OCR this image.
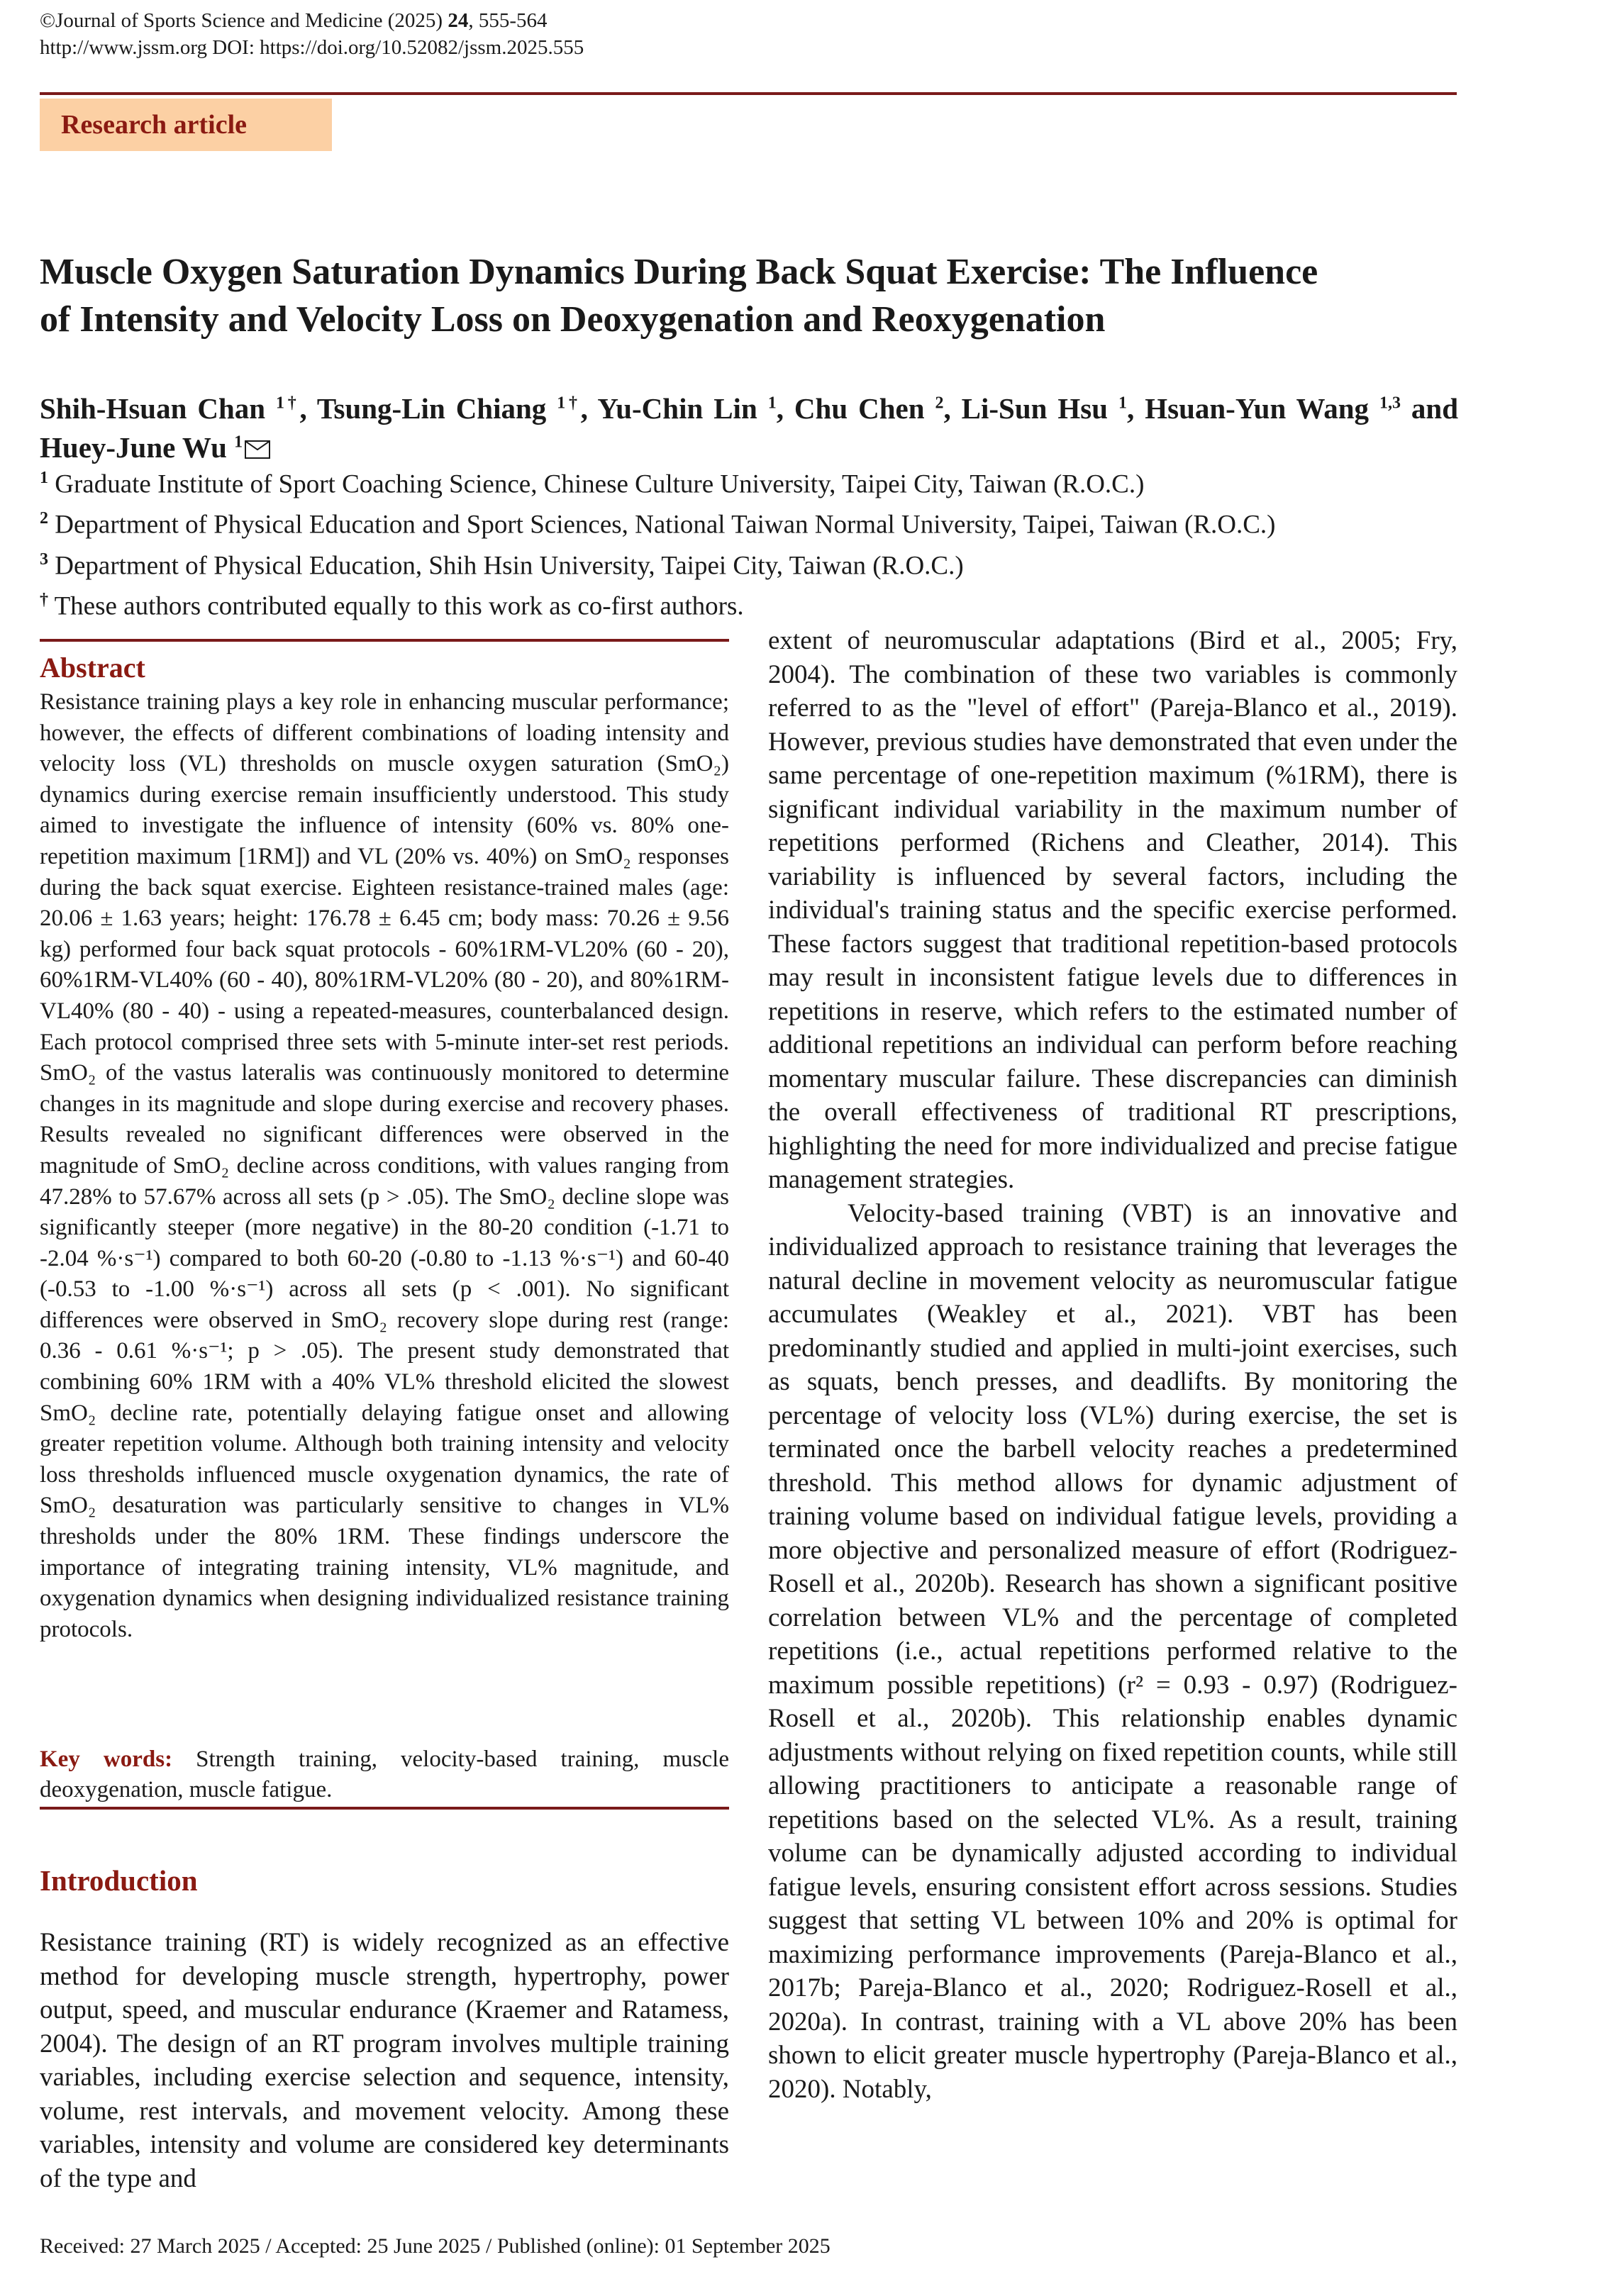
©Journal of Sports Science and Medicine (2025) 24, 555-564
http://www.jssm.org DOI: https://doi.org/10.52082/jssm.2025.555
Research article
Muscle Oxygen Saturation Dynamics During Back Squat Exercise: The Influence
of Intensity and Velocity Loss on Deoxygenation and Reoxygenation
Shih-Hsuan Chan $^{1\dagger}$, Tsung-Lin Chiang $^{1\dagger}$, Yu-Chin Lin $^1$, Chu Chen $^2$, Li-Sun Hsu $^1$, Hsuan-Yun Wang $^{1,3}$ and Huey-June Wu $^1$
$^1$ Graduate Institute of Sport Coaching Science, Chinese Culture University, Taipei City, Taiwan (R.O.C.)
$^2$ Department of Physical Education and Sport Sciences, National Taiwan Normal University, Taipei, Taiwan (R.O.C.)
$^3$ Department of Physical Education, Shih Hsin University, Taipei City, Taiwan (R.O.C.)
† These authors contributed equally to this work as co-first authors.
Abstract

Resistance training plays a key role in enhancing muscular performance; however, the effects of different combinations of loading intensity and velocity loss (VL) thresholds on muscle oxygen saturation (SmO₂) dynamics during exercise remain insufficiently understood. This study aimed to investigate the influence of intensity (60% vs. 80% one-repetition maximum [1RM]) and VL (20% vs. 40%) on SmO₂ responses during the back squat exercise. Eighteen resistance-trained males (age: 20.06 ± 1.63 years; height: 176.78 ± 6.45 cm; body mass: 70.26 ± 9.56 kg) performed four back squat protocols - 60%1RM-VL20% (60 - 20), 60%1RM-VL40% (60 - 40), 80%1RM-VL20% (80 - 20), and 80%1RM-VL40% (80 - 40) - using a repeated-measures, counterbalanced design. Each protocol comprised three sets with 5-minute inter-set rest periods. SmO₂ of the vastus lateralis was continuously monitored to determine changes in its magnitude and slope during exercise and recovery phases. Results revealed no significant differences were observed in the magnitude of SmO₂ decline across conditions, with values ranging from 47.28% to 57.67% across all sets (p > .05). The SmO₂ decline slope was significantly steeper (more negative) in the 80-20 condition (-1.71 to -2.04 %·s⁻¹) compared to both 60-20 (-0.80 to -1.13 %·s⁻¹) and 60-40 (-0.53 to -1.00 %·s⁻¹) across all sets (p < .001). No significant differences were observed in SmO₂ recovery slope during rest (range: 0.36 - 0.61 %·s⁻¹; p > .05). The present study demonstrated that combining 60% 1RM with a 40% VL% threshold elicited the slowest SmO₂ decline rate, potentially delaying fatigue onset and allowing greater repetition volume. Although both training intensity and velocity loss thresholds influenced muscle oxygenation dynamics, the rate of SmO₂ desaturation was particularly sensitive to changes in VL% thresholds under the 80% 1RM. These findings underscore the importance of integrating training intensity, VL% magnitude, and oxygenation dynamics when designing individualized resistance training protocols.

Key words: Strength training, velocity-based training, muscle deoxygenation, muscle fatigue.
Introduction

Resistance training (RT) is widely recognized as an effective method for developing muscle strength, hypertrophy, power output, speed, and muscular endurance (Kraemer and Ratamess, 2004). The design of an RT program involves multiple training variables, including exercise selection and sequence, intensity, volume, rest intervals, and movement velocity. Among these variables, intensity and volume are considered key determinants of the type and

extent of neuromuscular adaptations (Bird et al., 2005; Fry, 2004). The combination of these two variables is commonly referred to as the "level of effort" (Pareja-Blanco et al., 2019). However, previous studies have demonstrated that even under the same percentage of one-repetition maximum (%1RM), there is significant individual variability in the maximum number of repetitions performed (Richens and Cleather, 2014). This variability is influenced by several factors, including the individual's training status and the specific exercise performed. These factors suggest that traditional repetition-based protocols may result in inconsistent fatigue levels due to differences in repetitions in reserve, which refers to the estimated number of additional repetitions an individual can perform before reaching momentary muscular failure. These discrepancies can diminish the overall effectiveness of traditional RT prescriptions, highlighting the need for more individualized and precise fatigue management strategies.

Velocity-based training (VBT) is an innovative and individualized approach to resistance training that leverages the natural decline in movement velocity as neuromuscular fatigue accumulates (Weakley et al., 2021). VBT has been predominantly studied and applied in multi-joint exercises, such as squats, bench presses, and deadlifts. By monitoring the percentage of velocity loss (VL%) during exercise, the set is terminated once the barbell velocity reaches a predetermined threshold. This method allows for dynamic adjustment of training volume based on individual fatigue levels, providing a more objective and personalized measure of effort (Rodriguez-Rosell et al., 2020b). Research has shown a significant positive correlation between VL% and the percentage of completed repetitions (i.e., actual repetitions performed relative to the maximum possible repetitions) (r² = 0.93 - 0.97) (Rodriguez-Rosell et al., 2020b). This relationship enables dynamic adjustments without relying on fixed repetition counts, while still allowing practitioners to anticipate a reasonable range of repetitions based on the selected VL%. As a result, training volume can be dynamically adjusted according to individual fatigue levels, ensuring consistent effort across sessions. Studies suggest that setting VL between 10% and 20% is optimal for maximizing performance improvements (Pareja-Blanco et al., 2017b; Pareja-Blanco et al., 2020; Rodriguez-Rosell et al., 2020a). In contrast, training with a VL above 20% has been shown to elicit greater muscle hypertrophy (Pareja-Blanco et al., 2020). Notably,

Received: 27 March 2025 / Accepted: 25 June 2025 / Published (online): 01 September 2025
